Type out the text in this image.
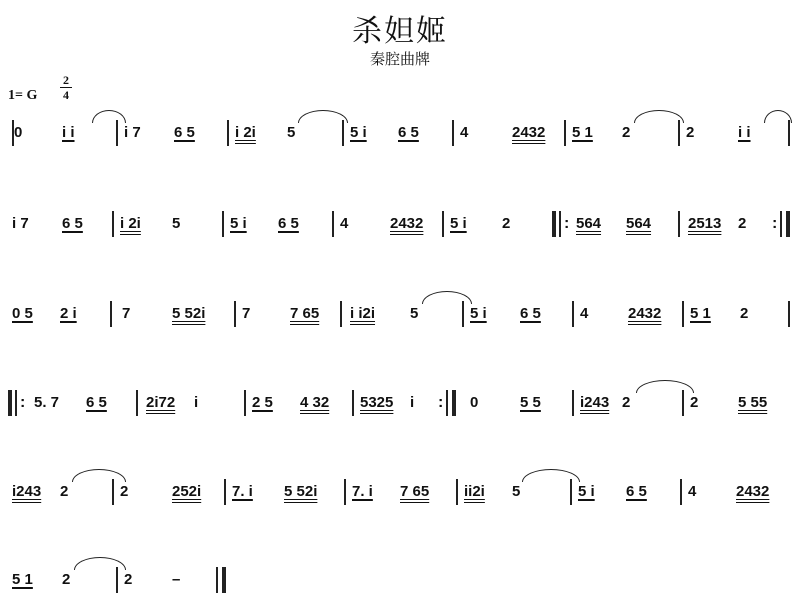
杀妲姬
秦腔曲牌
1= G
2
4
0	i i	i 7 6 5	i 2i 5	5 i 6 5	4	2432 5 1 2	2	i i
i 7 6 5 i 2i 5	5 i 6 5	4	2432 5 i 2	: 564 564 2513 2 :
0 5 2 i	7	5 52i 7	7 65 i i2i 5	5 i 6 5	4	2432 5 1 2
: 5. 7 6 5	2i72 i	2 5 4 32 5325 i : 0	5 5	i243 2	2	5 55
i243 2	2	252i 7. i 5 52i 7. i 7 65 ii2i 5	5 i 6 5	4	2432
5 1 2	2	–
